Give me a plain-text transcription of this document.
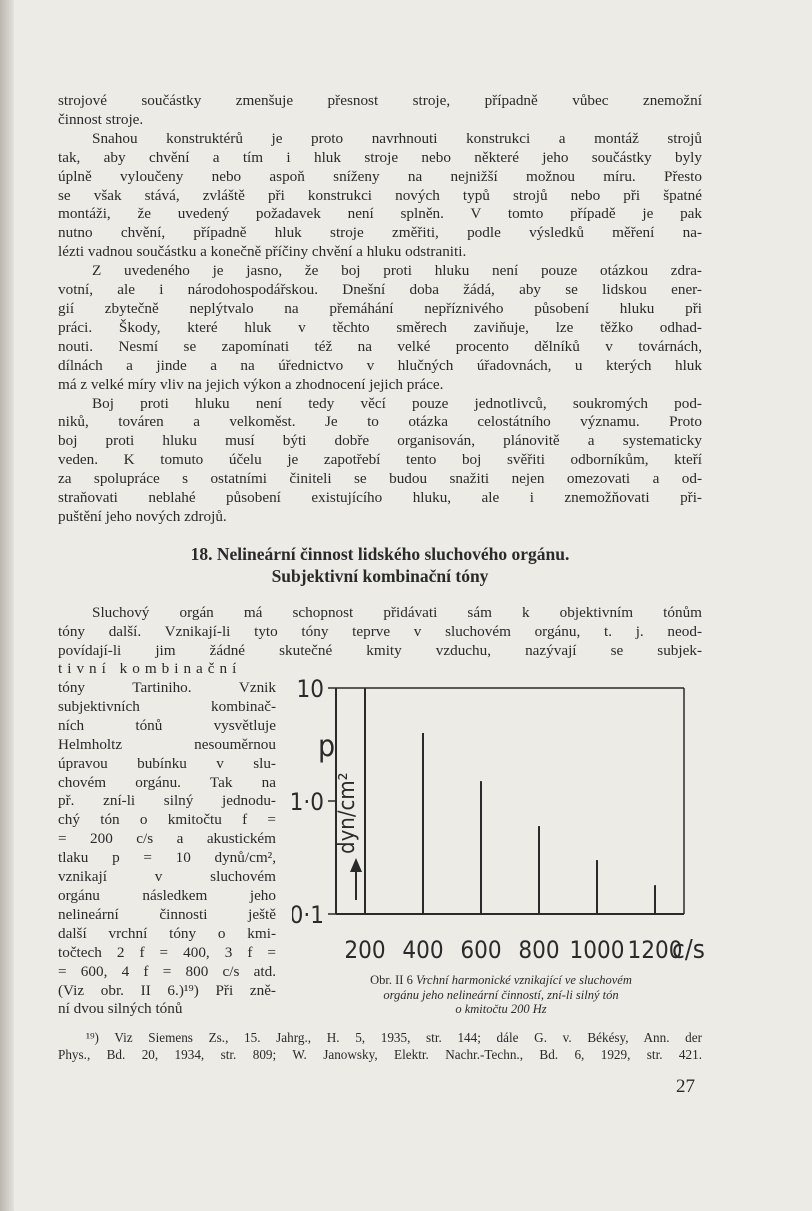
strojové součástky zmenšuje přesnost stroje, případně vůbec znemožní
činnost stroje.
Snahou konstruktérů je proto navrhnouti konstrukci a montáž strojů
tak, aby chvění a tím i hluk stroje nebo některé jeho součástky byly
úplně vyloučeny nebo aspoň sníženy na nejnižší možnou míru. Přesto
se však stává, zvláště při konstrukci nových typů strojů nebo při špatné
montáži, že uvedený požadavek není splněn. V tomto případě je pak
nutno chvění, případně hluk stroje změřiti, podle výsledků měření na-
lézti vadnou součástku a konečně příčiny chvění a hluku odstraniti.
Z uvedeného je jasno, že boj proti hluku není pouze otázkou zdra-
votní, ale i národohospodářskou. Dnešní doba žádá, aby se lidskou ener-
gií zbytečně neplýtvalo na přemáhání nepříznivého působení hluku při
práci. Škody, které hluk v těchto směrech zaviňuje, lze těžko odhad-
nouti. Nesmí se zapomínati též na velké procento dělníků v továrnách,
dílnách a jinde a na úřednictvo v hlučných úřadovnách, u kterých hluk
má z velké míry vliv na jejich výkon a zhodnocení jejich práce.
Boj proti hluku není tedy věcí pouze jednotlivců, soukromých pod-
niků, továren a velkoměst. Je to otázka celostátního významu. Proto
boj proti hluku musí býti dobře organisován, plánovitě a systematicky
veden. K tomuto účelu je zapotřebí tento boj svěřiti odborníkům, kteří
za spolupráce s ostatními činiteli se budou snažiti nejen omezovati a od-
straňovati neblahé působení existujícího hluku, ale i znemožňovati při-
puštění jeho nových zdrojů.
18. Nelineární činnost lidského sluchového orgánu.
Subjektivní kombinační tóny
Sluchový orgán má schopnost přidávati sám k objektivním tónům
tóny další. Vznikají-li tyto tóny teprve v sluchovém orgánu, t. j. neod-
povídají-li jim žádné skutečné kmity vzduchu, nazývají se subjek-
tivní kombinační
tóny Tartiniho. Vznik
subjektivních kombinač-
ních tónů vysvětluje
Helmholtz nesouměrnou
úpravou bubínku v slu-
chovém orgánu. Tak na
př. zní-li silný jednodu-
chý tón o kmitočtu f =
= 200 c/s a akustickém
tlaku p = 10 dynů/cm²,
vznikají v sluchovém
orgánu následkem jeho
nelineární činnosti ještě
další vrchní tóny o kmi-
točtech 2 f = 400, 3 f =
= 600, 4 f = 800 c/s atd.
(Viz obr. II 6.)¹⁹) Při zně-
ní dvou silných tónů
10
1·0
0·1
200 400 600 800 1000 1200
p
dyn/cm²
c/s
Obr. II 6 Vrchní harmonické vznikající ve sluchovém
orgánu jeho nelineární činností, zní-li silný tón
o kmitočtu 200 Hz
¹⁹) Viz Siemens Zs., 15. Jahrg., H. 5, 1935, str. 144; dále G. v. Békésy, Ann. der
Phys., Bd. 20, 1934, str. 809; W. Janowsky, Elektr. Nachr.-Techn., Bd. 6, 1929, str. 421.
27
